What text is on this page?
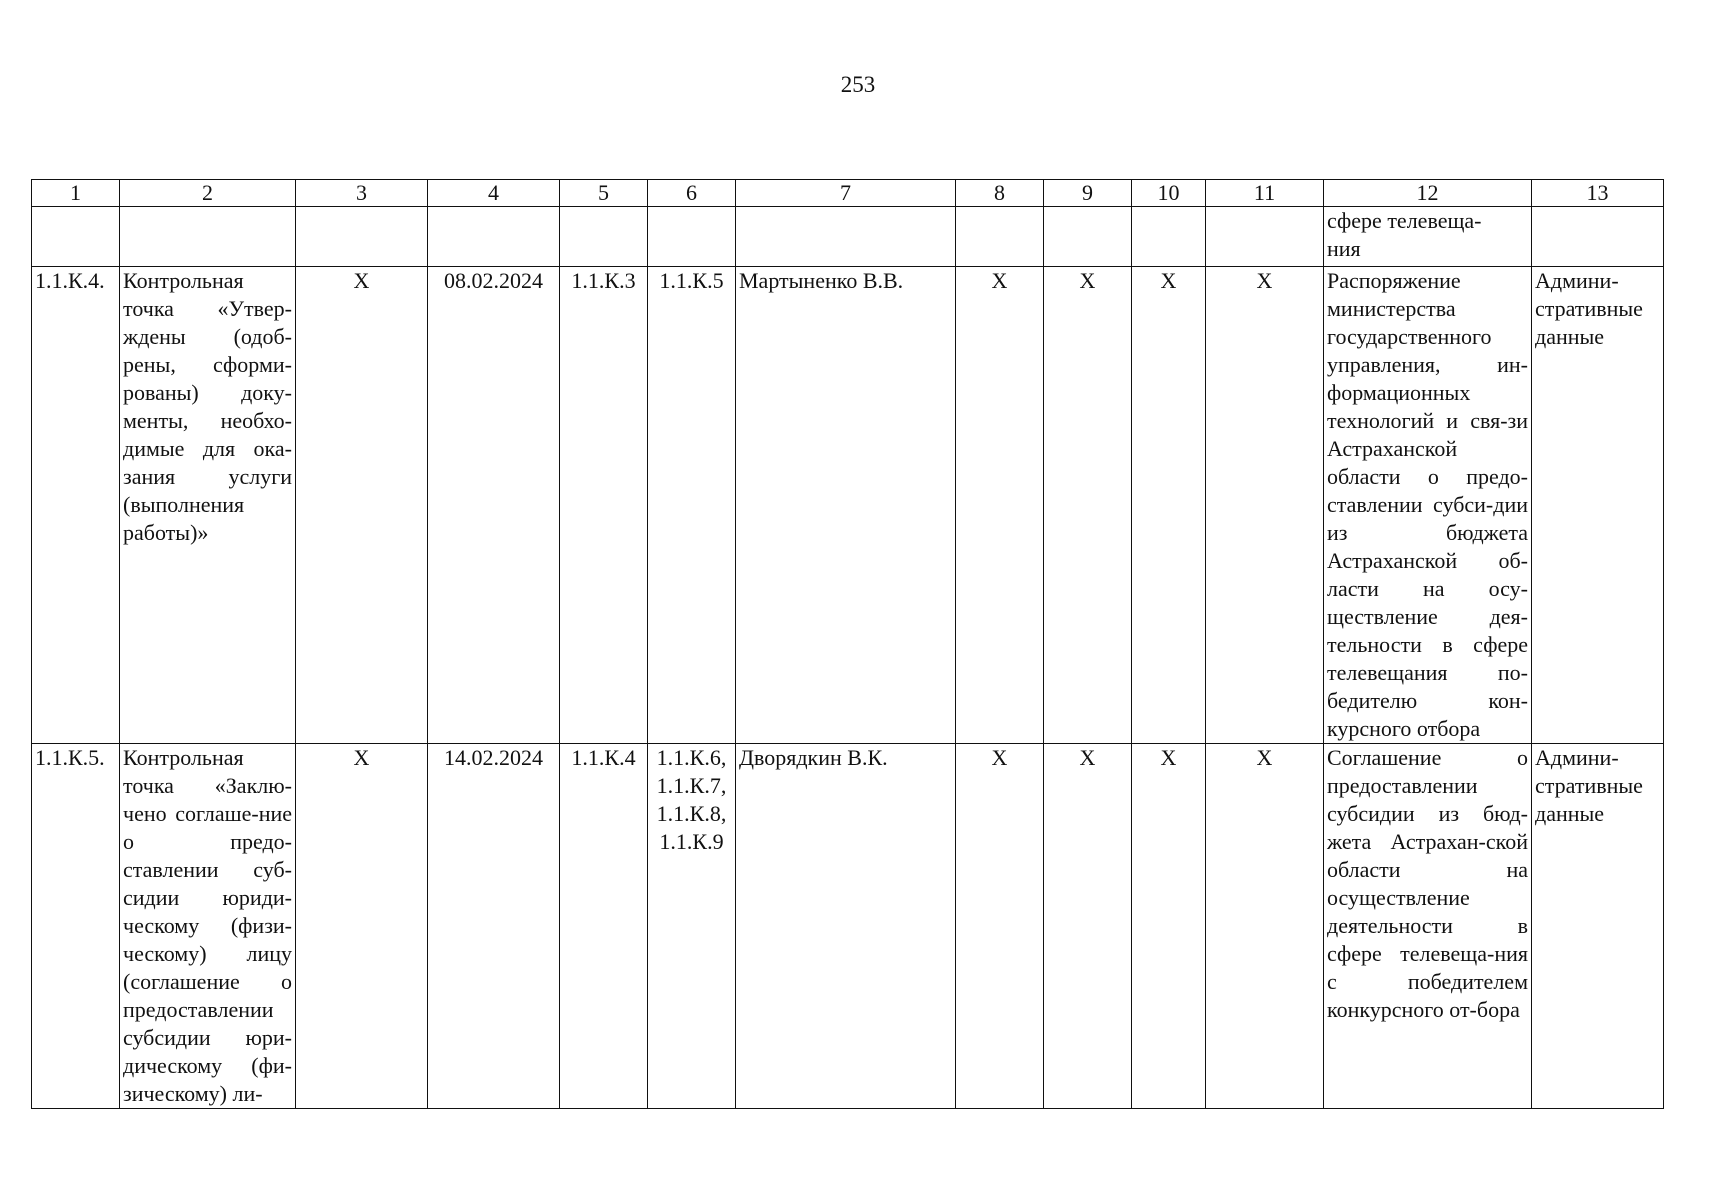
253
1	2	3	4	5	6	7	8	9	10	11	12	13
											сфере телевеща-
ния	
1.1.К.4.	Контрольная точка «Утвер-ждены (одоб-рены, сформи-рованы) доку-менты, необхо-димые для ока-зания услуги (выполнения работы)»	Х	08.02.2024	1.1.К.3	1.1.К.5	Мартыненко В.В.	Х	Х	Х	Х	Распоряжение министерства государственного управления, ин-формационных технологий и свя-зи Астраханской области о предо-ставлении субси-дии из бюджета Астраханской об-ласти на осу-ществление дея-тельности в сфере телевещания по-бедителю кон-курсного отбора	Админи-стративные данные
1.1.К.5.	Контрольная точка «Заклю-чено соглаше-ние о предо-ставлении суб-сидии юриди-ческому (физи-ческому) лицу (соглашение о предоставлении субсидии юри-дическому (фи-зическому) ли-	Х	14.02.2024	1.1.К.4	1.1.К.6,
1.1.К.7,
1.1.К.8,
1.1.К.9	Дворядкин В.К.	Х	Х	Х	Х	Соглашение о предоставлении субсидии из бюд-жета Астрахан-ской области на осуществление деятельности в сфере телевеща-ния с победителем конкурсного от-бора	Админи-стративные данные
